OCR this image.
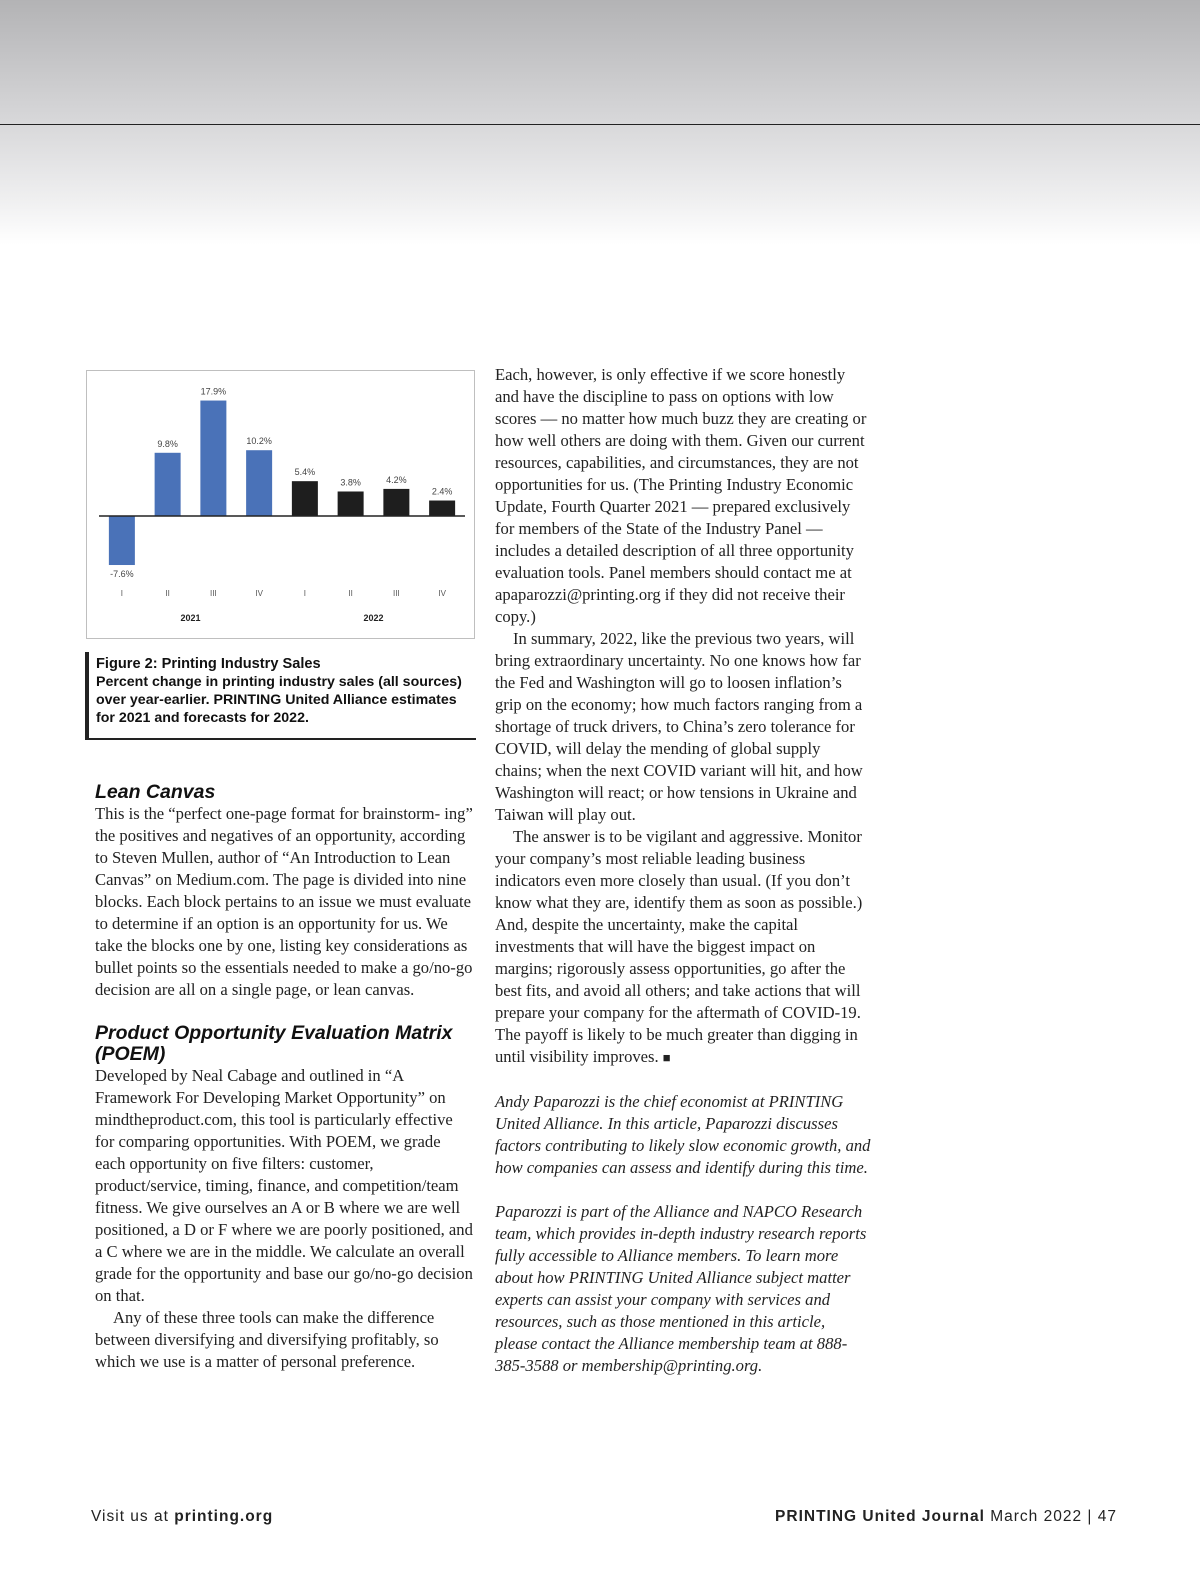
-7.6%
I
9.8%
II
17.9%
III
10.2%
IV
5.4%
I
3.8%
II
4.2%
III
2.4%
IV
2021	2022
Figure 2: Printing Industry Sales
Percent change in printing industry sales (all sources) over year-earlier. PRINTING United Alliance estimates for 2021 and forecasts for 2022.
Lean Canvas

This is the “perfect one-page format for brainstorm- ing” the positives and negatives of an opportunity, according to Steven Mullen, author of “An Introduction to Lean Canvas” on Medium.com. The page is divided into nine blocks. Each block pertains to an issue we must evaluate to determine if an option is an opportunity for us. We take the blocks one by one, listing key considerations as bullet points so the essentials needed to make a go/no-go decision are all on a single page, or lean canvas.

Product Opportunity Evaluation Matrix (POEM)

Developed by Neal Cabage and outlined in “A Framework For Developing Market Opportunity” on mindtheproduct.com, this tool is particularly effective for comparing opportunities. With POEM, we grade each opportunity on five filters: customer, product/service, timing, finance, and competition/team fitness. We give ourselves an A or B where we are well positioned, a D or F where we are poorly positioned, and a C where we are in the middle. We calculate an overall grade for the opportunity and base our go/no-go decision on that.

Any of these three tools can make the difference between diversifying and diversifying profitably, so which we use is a matter of personal preference.

Each, however, is only effective if we score honestly and have the discipline to pass on options with low scores — no matter how much buzz they are creating or how well others are doing with them. Given our current resources, capabilities, and circumstances, they are not opportunities for us. (The Printing Industry Economic Update, Fourth Quarter 2021 — prepared exclusively for members of the State of the Industry Panel — includes a detailed description of all three opportunity evaluation tools. Panel members should contact me at apaparozzi@printing.org if they did not receive their copy.)

In summary, 2022, like the previous two years, will bring extraordinary uncertainty. No one knows how far the Fed and Washington will go to loosen inflation’s grip on the economy; how much factors ranging from a shortage of truck drivers, to China’s zero tolerance for COVID, will delay the mending of global supply chains; when the next COVID variant will hit, and how Washington will react; or how tensions in Ukraine and Taiwan will play out.

The answer is to be vigilant and aggressive. Monitor your company’s most reliable leading business indicators even more closely than usual. (If you don’t know what they are, identify them as soon as possible.) And, despite the uncertainty, make the capital investments that will have the biggest impact on margins; rigorously assess opportunities, go after the best fits, and avoid all others; and take actions that will prepare your company for the aftermath of COVID-19. The payoff is likely to be much greater than digging in until visibility improves. ■

Andy Paparozzi is the chief economist at PRINTING United Alliance. In this article, Paparozzi discusses factors contributing to likely slow economic growth, and how companies can assess and identify during this time.

Paparozzi is part of the Alliance and NAPCO Research team, which provides in-depth industry research reports fully accessible to Alliance members. To learn more about how PRINTING United Alliance subject matter experts can assist your company with services and resources, such as those mentioned in this article, please contact the Alliance membership team at 888-385-3588 or membership@printing.org.

Visit us at printing.org	PRINTING United Journal March 2022 | 47
